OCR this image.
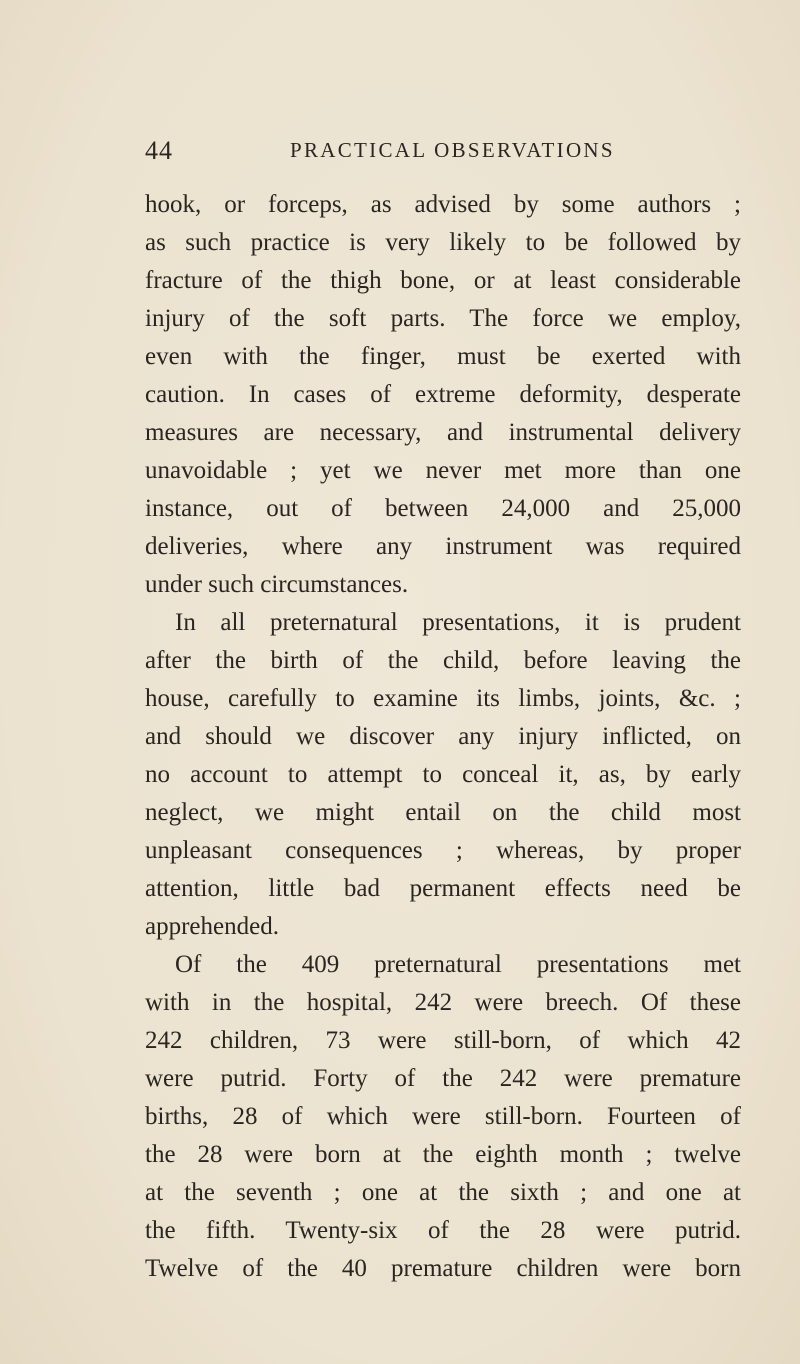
44	PRACTICAL OBSERVATIONS
hook, or forceps, as advised by some authors ;
as such practice is very likely to be followed by
fracture of the thigh bone, or at least considerable
injury of the soft parts. The force we employ,
even with the finger, must be exerted with
caution. In cases of extreme deformity, desperate
measures are necessary, and instrumental delivery
unavoidable ; yet we never met more than one
instance, out of between 24,000 and 25,000
deliveries, where any instrument was required
under such circumstances.
In all preternatural presentations, it is prudent
after the birth of the child, before leaving the
house, carefully to examine its limbs, joints, &c. ;
and should we discover any injury inflicted, on
no account to attempt to conceal it, as, by early
neglect, we might entail on the child most
unpleasant consequences ; whereas, by proper
attention, little bad permanent effects need be
apprehended.
Of the 409 preternatural presentations met
with in the hospital, 242 were breech. Of these
242 children, 73 were still-born, of which 42
were putrid. Forty of the 242 were premature
births, 28 of which were still-born. Fourteen of
the 28 were born at the eighth month ; twelve
at the seventh ; one at the sixth ; and one at
the fifth. Twenty-six of the 28 were putrid.
Twelve of the 40 premature children were born
